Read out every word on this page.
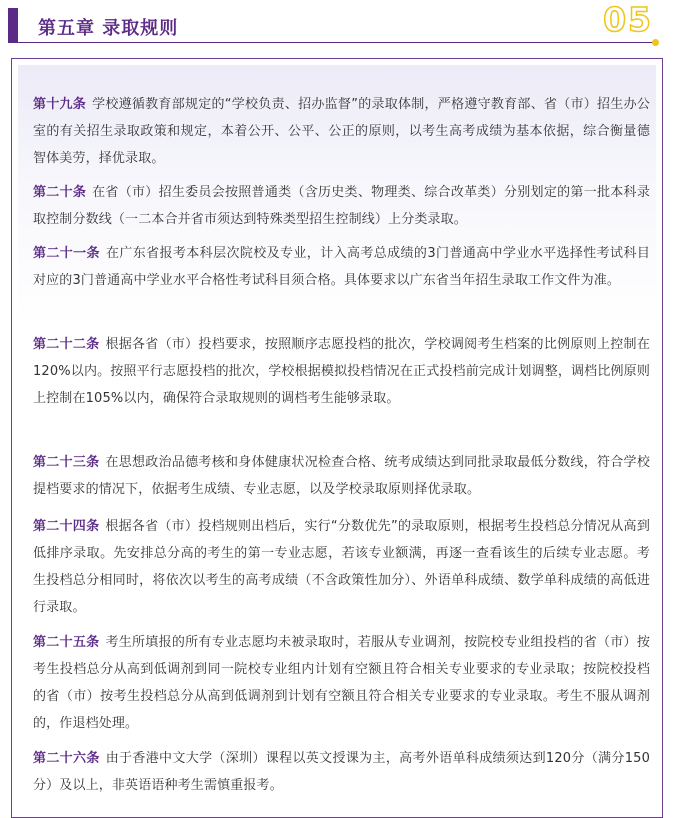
第五章 录取规则	05
第十九条 学校遵循教育部规定的“学校负责、招办监督”的录取体制，严格遵守教育部、省（市）招生办公室的有关招生录取政策和规定，本着公开、公平、公正的原则，以考生高考成绩为基本依据，综合衡量德智体美劳，择优录取。
第二十条 在省（市）招生委员会按照普通类（含历史类、物理类、综合改革类）分别划定的第一批本科录取控制分数线（一二本合并省市须达到特殊类型招生控制线）上分类录取。
第二十一条 在广东省报考本科层次院校及专业，计入高考总成绩的3门普通高中学业水平选择性考试科目对应的3门普通高中学业水平合格性考试科目须合格。具体要求以广东省当年招生录取工作文件为准。
第二十二条 根据各省（市）投档要求，按照顺序志愿投档的批次，学校调阅考生档案的比例原则上控制在120%以内。按照平行志愿投档的批次，学校根据模拟投档情况在正式投档前完成计划调整，调档比例原则上控制在105%以内，确保符合录取规则的调档考生能够录取。
第二十三条 在思想政治品德考核和身体健康状况检查合格、统考成绩达到同批录取最低分数线，符合学校提档要求的情况下，依据考生成绩、专业志愿，以及学校录取原则择优录取。
第二十四条 根据各省（市）投档规则出档后，实行“分数优先”的录取原则，根据考生投档总分情况从高到低排序录取。先安排总分高的考生的第一专业志愿，若该专业额满，再逐一查看该生的后续专业志愿。考生投档总分相同时，将依次以考生的高考成绩（不含政策性加分）、外语单科成绩、数学单科成绩的高低进行录取。
第二十五条 考生所填报的所有专业志愿均未被录取时，若服从专业调剂，按院校专业组投档的省（市）按考生投档总分从高到低调剂到同一院校专业组内计划有空额且符合相关专业要求的专业录取；按院校投档的省（市）按考生投档总分从高到低调剂到计划有空额且符合相关专业要求的专业录取。考生不服从调剂的，作退档处理。
第二十六条 由于香港中文大学（深圳）课程以英文授课为主，高考外语单科成绩须达到120分（满分150分）及以上，非英语语种考生需慎重报考。
